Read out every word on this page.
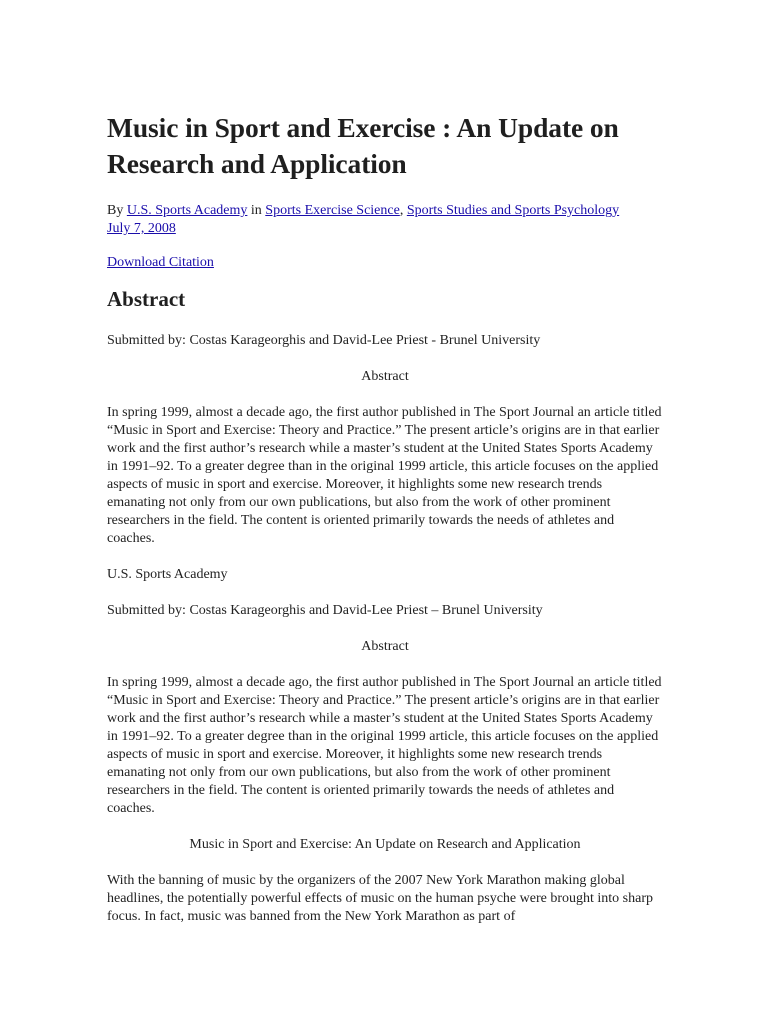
Music in Sport and Exercise : An Update on Research and Application
By U.S. Sports Academy in Sports Exercise Science, Sports Studies and Sports Psychology
July 7, 2008
Download Citation
Abstract

Submitted by: Costas Karageorghis and David-Lee Priest - Brunel University

Abstract

In spring 1999, almost a decade ago, the first author published in The Sport Journal an article titled “Music in Sport and Exercise: Theory and Practice.” The present article’s origins are in that earlier work and the first author’s research while a master’s student at the United States Sports Academy in 1991–92. To a greater degree than in the original 1999 article, this article focuses on the applied aspects of music in sport and exercise. Moreover, it highlights some new research trends emanating not only from our own publications, but also from the work of other prominent researchers in the field. The content is oriented primarily towards the needs of athletes and coaches.

U.S. Sports Academy

Submitted by: Costas Karageorghis and David-Lee Priest – Brunel University

Abstract

In spring 1999, almost a decade ago, the first author published in The Sport Journal an article titled “Music in Sport and Exercise: Theory and Practice.” The present article’s origins are in that earlier work and the first author’s research while a master’s student at the United States Sports Academy in 1991–92. To a greater degree than in the original 1999 article, this article focuses on the applied aspects of music in sport and exercise. Moreover, it highlights some new research trends emanating not only from our own publications, but also from the work of other prominent researchers in the field. The content is oriented primarily towards the needs of athletes and coaches.

Music in Sport and Exercise: An Update on Research and Application

With the banning of music by the organizers of the 2007 New York Marathon making global headlines, the potentially powerful effects of music on the human psyche were brought into sharp focus. In fact, music was banned from the New York Marathon as part of
